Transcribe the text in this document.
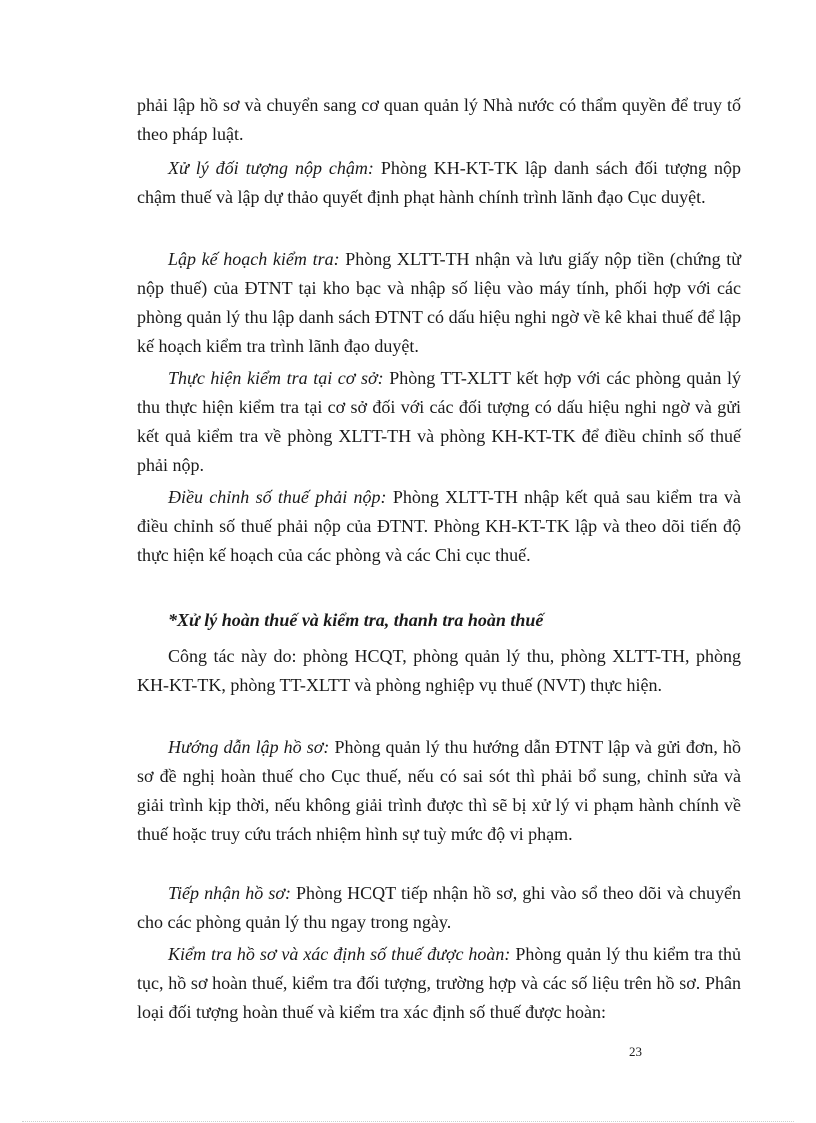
phải lập hồ sơ và chuyển sang cơ quan quản lý Nhà nước có thẩm quyền để truy tố theo pháp luật.

Xử lý đối tượng nộp chậm: Phòng KH-KT-TK lập danh sách đối tượng nộp chậm thuế và lập dự thảo quyết định phạt hành chính trình lãnh đạo Cục duyệt.

Lập kế hoạch kiểm tra: Phòng XLTT-TH nhận và lưu giấy nộp tiền (chứng từ nộp thuế) của ĐTNT tại kho bạc và nhập số liệu vào máy tính, phối hợp với các phòng quản lý thu lập danh sách ĐTNT có dấu hiệu nghi ngờ về kê khai thuế để lập kế hoạch kiểm tra trình lãnh đạo duyệt.

Thực hiện kiểm tra tại cơ sở: Phòng TT-XLTT kết hợp với các phòng quản lý thu thực hiện kiểm tra tại cơ sở đối với các đối tượng có dấu hiệu nghi ngờ và gửi kết quả kiểm tra về phòng XLTT-TH và phòng KH-KT-TK để điều chỉnh số thuế phải nộp.

Điều chỉnh số thuế phải nộp: Phòng XLTT-TH nhập kết quả sau kiểm tra và điều chỉnh số thuế phải nộp của ĐTNT. Phòng KH-KT-TK lập và theo dõi tiến độ thực hiện kế hoạch của các phòng và các Chi cục thuế.

*Xử lý hoàn thuế và kiểm tra, thanh tra hoàn thuế

Công tác này do: phòng HCQT, phòng quản lý thu, phòng XLTT-TH, phòng KH-KT-TK, phòng TT-XLTT và phòng nghiệp vụ thuế (NVT) thực hiện.

Hướng dẫn lập hồ sơ: Phòng quản lý thu hướng dẫn ĐTNT lập và gửi đơn, hồ sơ đề nghị hoàn thuế cho Cục thuế, nếu có sai sót thì phải bổ sung, chỉnh sửa và giải trình kịp thời, nếu không giải trình được thì sẽ bị xử lý vi phạm hành chính về thuế hoặc truy cứu trách nhiệm hình sự tuỳ mức độ vi phạm.

Tiếp nhận hồ sơ: Phòng HCQT tiếp nhận hồ sơ, ghi vào sổ theo dõi và chuyển cho các phòng quản lý thu ngay trong ngày.

Kiểm tra hồ sơ và xác định số thuế được hoàn: Phòng quản lý thu kiểm tra thủ tục, hồ sơ hoàn thuế, kiểm tra đối tượng, trường hợp và các số liệu trên hồ sơ. Phân loại đối tượng hoàn thuế và kiểm tra xác định số thuế được hoàn:

23
